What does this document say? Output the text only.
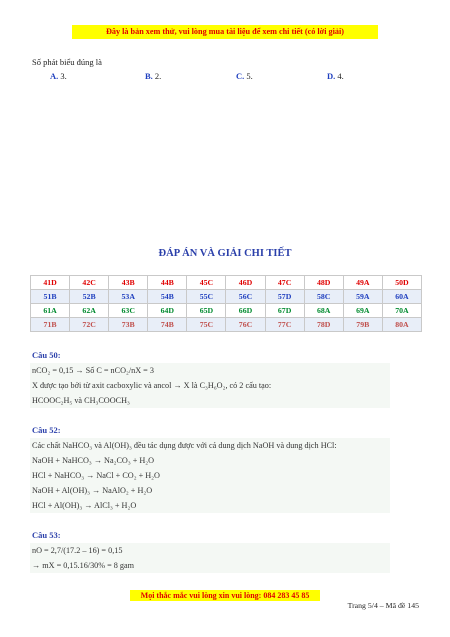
Đây là bản xem thử, vui lòng mua tài liệu để xem chi tiết (có lời giải)
Số phát biểu đúng là
A. 3.	B. 2.	C. 5.	D. 4.
ĐÁP ÁN VÀ GIẢI CHI TIẾT
41D	42C	43B	44B	45C	46D	47C	48D	49A	50D
51B	52B	53A	54B	55C	56C	57D	58C	59A	60A
61A	62A	63C	64D	65D	66D	67D	68A	69A	70A
71B	72C	73B	74B	75C	76C	77C	78D	79B	80A
Câu 50:
nCO₂ = 0,15 → Số C = nCO₂/nX = 3
X được tạo bởi từ axit cacboxylic và ancol → X là C₃H₆O₂, có 2 cấu tạo:
HCOOC₂H₅ và CH₃COOCH₃
Câu 52:
Các chất NaHCO₃ và Al(OH)₃ đều tác dụng được với cả dung dịch NaOH và dung dịch HCl:
NaOH + NaHCO₃ → Na₂CO₃ + H₂O
HCl + NaHCO₃ → NaCl + CO₂ + H₂O
NaOH + Al(OH)₃ → NaAlO₂ + H₂O
HCl + Al(OH)₃ → AlCl₃ + H₂O
Câu 53:
nO = 2,7/(17.2 – 16) = 0,15
→ mX = 0,15.16/30% = 8 gam
Mọi thắc mắc vui lòng xin vui lòng: 084 283 45 85
Trang 5/4 – Mã đề 145
